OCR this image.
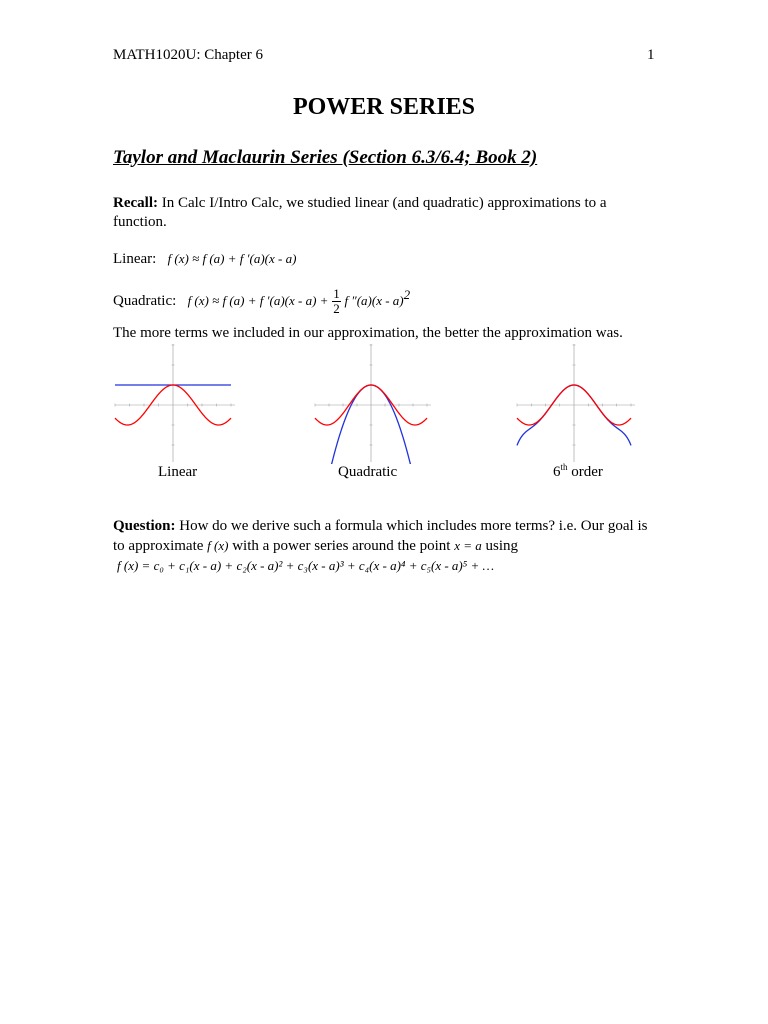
MATH1020U: Chapter 6	1
POWER SERIES
Taylor and Maclaurin Series (Section 6.3/6.4; Book 2)
Recall: In Calc I/Intro Calc, we studied linear (and quadratic) approximations to a function.
Linear: f (x) ≈ f (a) + f ′(a)(x - a)
Quadratic: f (x) ≈ f (a) + f $'(a)(x - a) + \frac{1}{2}$ f ″(a)(x - a)$^2$
The more terms we included in our approximation, the better the approximation was.
Linear	Quadratic	6th order
Question: How do we derive such a formula which includes more terms? i.e. Our goal is to approximate f (x) with a power series around the point x = a using
f (x) = c₀ + c₁(x - a) + c₂(x - a)² + c₃(x - a)³ + c₄(x - a)⁴ + c₅(x - a)⁵ + …
